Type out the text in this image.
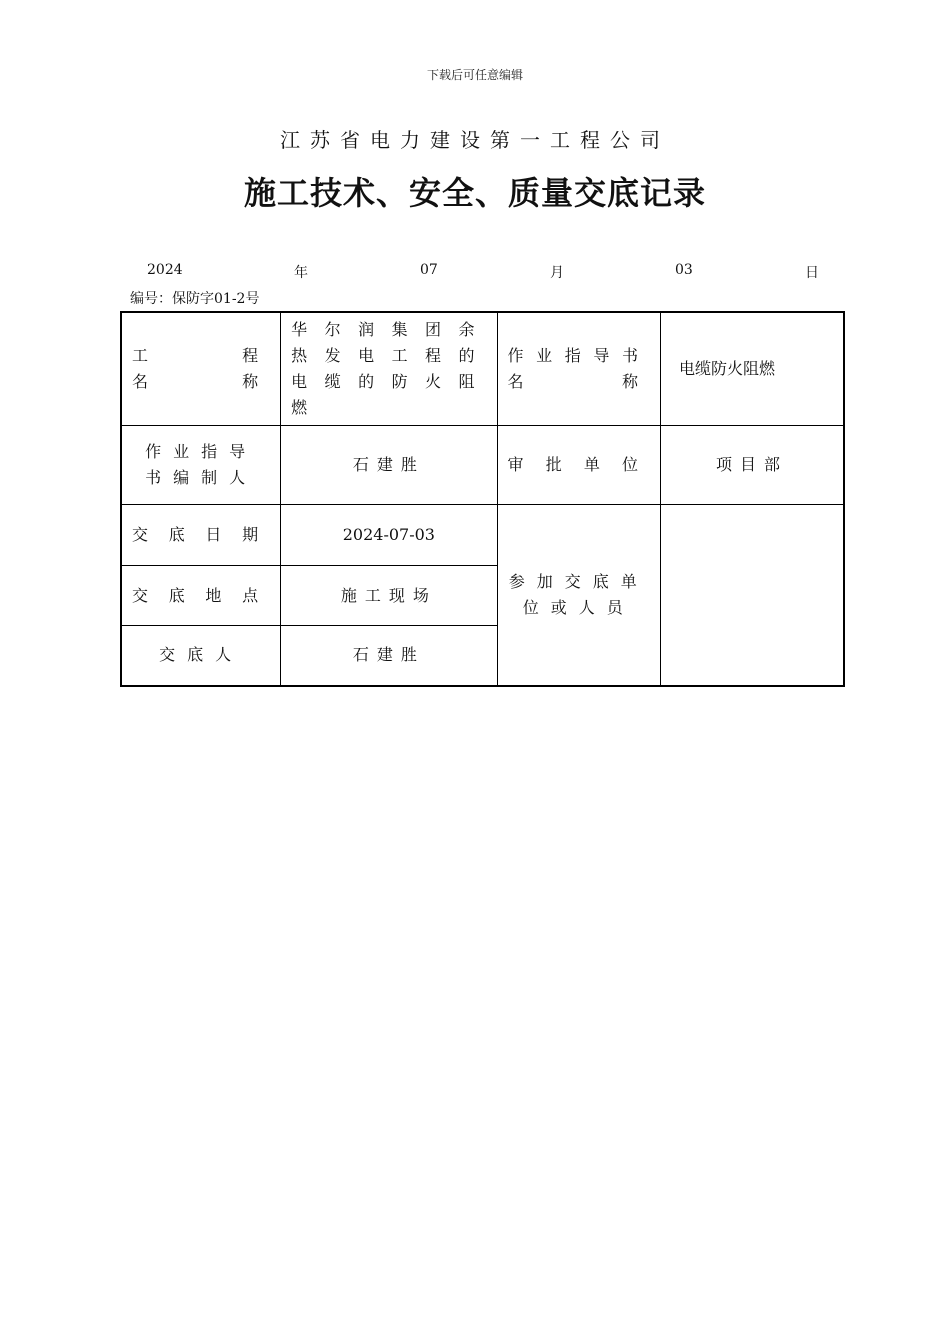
下载后可任意编辑
江苏省电力建设第一工程公司
施工技术、安全、质量交底记录
2024	年	07	月	03	日
编号：保防字01-2号
工　程　名　称	华尔润集团余热发电工程的电缆的防火阻燃	作业指导书名称	电缆防火阻燃
作业指导书编制人	石建胜	审批单位	项目部
交底日期	2024-07-03	参加交底单位或人员	
交底地点	施工现场		
交底人	石建胜		
